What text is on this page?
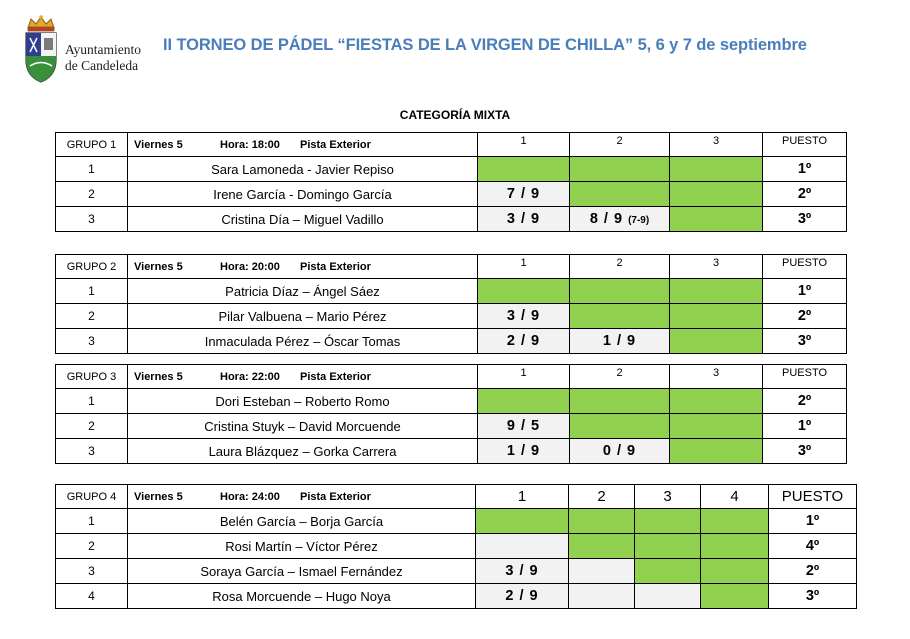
Ayuntamiento
de Candeleda
II TORNEO DE PÁDEL “FIESTAS DE LA VIRGEN DE CHILLA” 5, 6 y 7 de septiembre
CATEGORÍA MIXTA
GRUPO 1	Viernes 5 Hora: 18:00 Pista Exterior	1	2	3	PUESTO
1	Sara Lamoneda - Javier Repiso				1º
2	Irene García - Domingo García	7 / 9			2º
3	Cristina Día – Miguel Vadillo	3 / 9	8 / 9 (7-9)		3º
GRUPO 2	Viernes 5 Hora: 20:00 Pista Exterior	1	2	3	PUESTO
1	Patricia Díaz – Ángel Sáez				1º
2	Pilar Valbuena – Mario Pérez	3 / 9			2º
3	Inmaculada Pérez – Óscar Tomas	2 / 9	1 / 9		3º
GRUPO 3	Viernes 5 Hora: 22:00 Pista Exterior	1	2	3	PUESTO
1	Dori Esteban – Roberto Romo				2º
2	Cristina Stuyk – David Morcuende	9 / 5			1º
3	Laura Blázquez – Gorka Carrera	1 / 9	0 / 9		3º
GRUPO 4	Viernes 5 Hora: 24:00 Pista Exterior	1	2	3	4	PUESTO
1	Belén García – Borja García					1º
2	Rosi Martín – Víctor Pérez					4º
3	Soraya García – Ismael Fernández	3 / 9				2º
4	Rosa Morcuende – Hugo Noya	2 / 9				3º
